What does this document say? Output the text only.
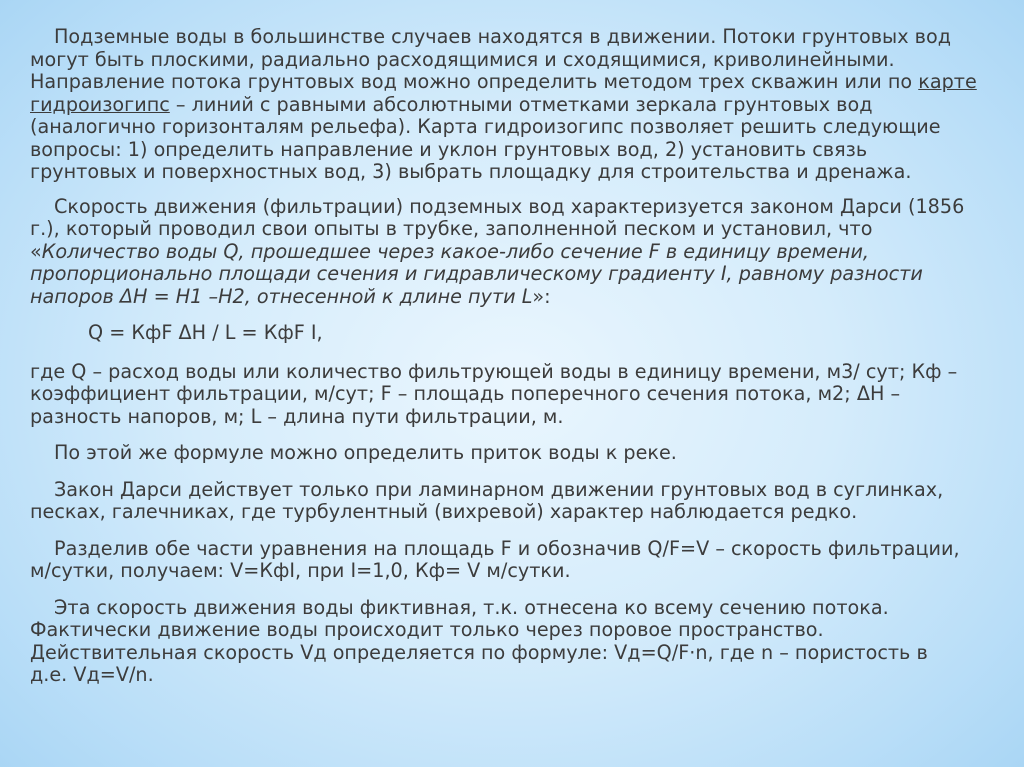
Подземные воды в большинстве случаев находятся в движении. Потоки грунтовых вод
могут быть плоскими, радиально расходящимися и сходящимися, криволинейными.
Направление потока грунтовых вод можно определить методом трех скважин или по карте
гидроизогипс – линий с равными абсолютными отметками зеркала грунтовых вод
(аналогично горизонталям рельефа). Карта гидроизогипс позволяет решить следующие
вопросы: 1) определить направление и уклон грунтовых вод, 2) установить связь
грунтовых и поверхностных вод, 3) выбрать площадку для строительства и дренажа.
Скорость движения (фильтрации) подземных вод характеризуется законом Дарси (1856
г.), который проводил свои опыты в трубке, заполненной песком и установил, что
«Количество воды Q, прошедшее через какое-либо сечение F в единицу времени,
пропорционально площади сечения и гидравлическому градиенту I, равному разности
напоров ΔН = Н1 –Н2, отнесенной к длине пути L»:
Q = КфF ΔН / L = КфF I,
где Q – расход воды или количество фильтрующей воды в единицу времени, м3/ сут; Кф –
коэффициент фильтрации, м/сут; F – площадь поперечного сечения потока, м2; ΔН –
разность напоров, м; L – длина пути фильтрации, м.
По этой же формуле можно определить приток воды к реке.
Закон Дарси действует только при ламинарном движении грунтовых вод в суглинках,
песках, галечниках, где турбулентный (вихревой) характер наблюдается редко.
Разделив обе части уравнения на площадь F и обозначив Q/F=V – скорость фильтрации,
м/сутки, получаем: V=КфI, при I=1,0, Кф= V м/сутки.
Эта скорость движения воды фиктивная, т.к. отнесена ко всему сечению потока.
Фактически движение воды происходит только через поровое пространство.
Действительная скорость Vд определяется по формуле: Vд=Q/F·n, где n – пористость в
д.е. Vд=V/n.
